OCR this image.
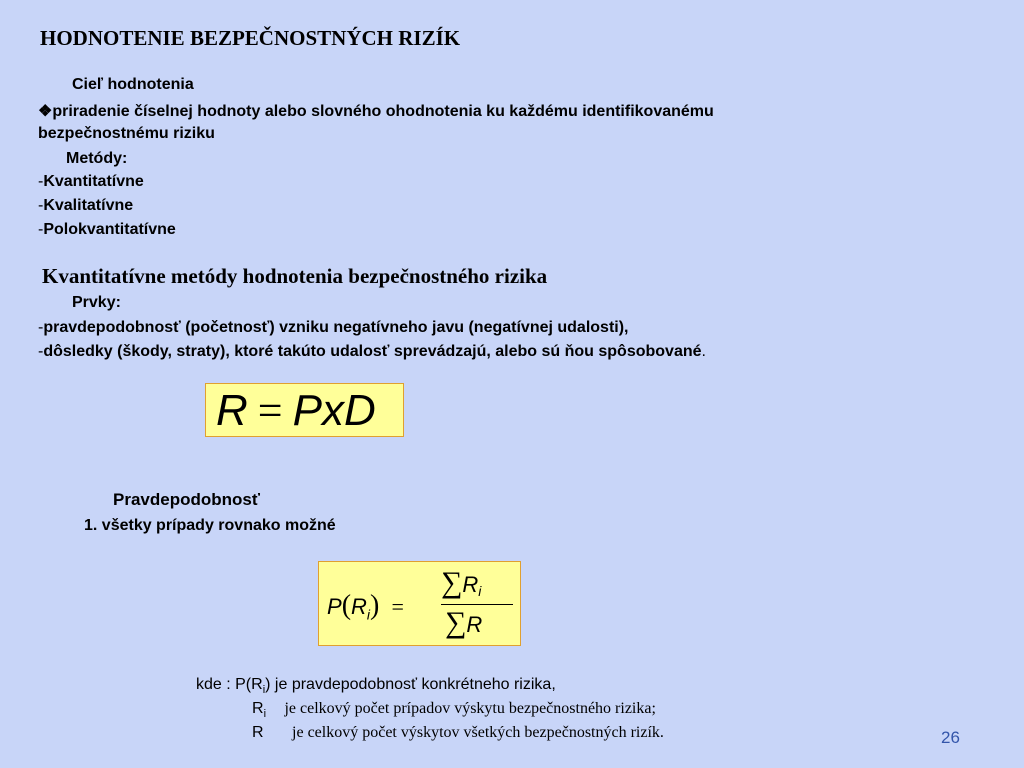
HODNOTENIE BEZPEČNOSTNÝCH RIZÍK
Cieľ hodnotenia
❖priradenie číselnej hodnoty alebo slovného ohodnotenia ku každému identifikovanému
bezpečnostnému riziku
Metódy:
-Kvantitatívne
-Kvalitatívne
-Polokvantitatívne
Kvantitatívne metódy hodnotenia bezpečnostného rizika
Prvky:
-pravdepodobnosť (početnosť) vzniku negatívneho javu (negatívnej udalosti),
-dôsledky (škody, straty), ktoré takúto udalosť sprevádzajú, alebo sú ňou spôsobované.
R = PxD
Pravdepodobnosť
1. všetky prípady rovnako možné
$P(R_i)$ =
$\sum R_i$
∑R
kde : $P(R_i)$ je pravdepodobnosť konkrétneho rizika,
$R_i$ je celkový počet prípadov výskytu bezpečnostného rizika;
R je celkový počet výskytov všetkých bezpečnostných rizík.	26
